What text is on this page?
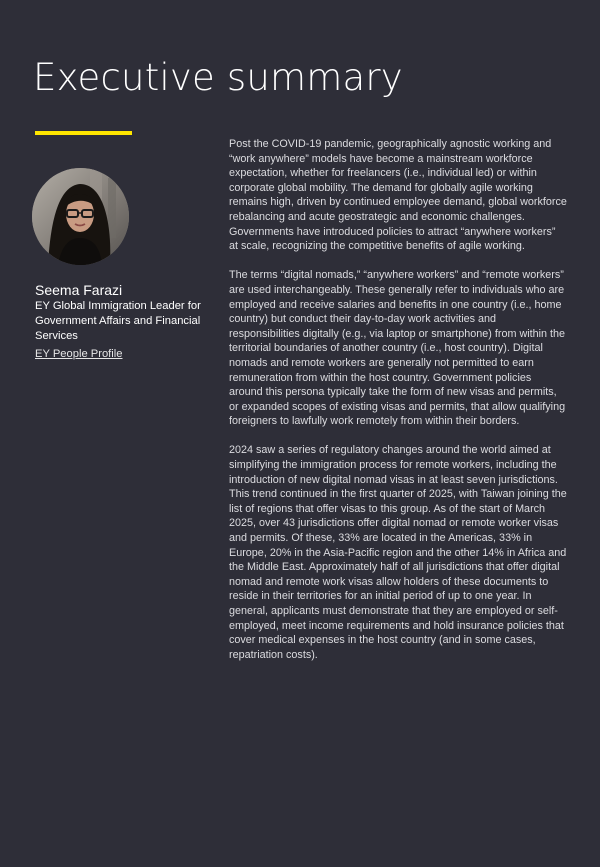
Executive summary
Seema Farazi
EY Global Immigration Leader for Government Affairs and Financial Services
EY People Profile

Post the COVID-19 pandemic, geographically agnostic working and “work anywhere” models have become a mainstream workforce expectation, whether for freelancers (i.e., individual led) or within corporate global mobility. The demand for globally agile working remains high, driven by continued employee demand, global workforce rebalancing and acute geostrategic and economic challenges. Governments have introduced policies to attract “anywhere workers” at scale, recognizing the competitive benefits of agile working.

The terms “digital nomads,” “anywhere workers” and “remote workers” are used interchangeably. These generally refer to individuals who are employed and receive salaries and benefits in one country (i.e., home country) but conduct their day-to-day work activities and responsibilities digitally (e.g., via laptop or smartphone) from within the territorial boundaries of another country (i.e., host country). Digital nomads and remote workers are generally not permitted to earn remuneration from within the host country. Government policies around this persona typically take the form of new visas and permits, or expanded scopes of existing visas and permits, that allow qualifying foreigners to lawfully work remotely from within their borders.

2024 saw a series of regulatory changes around the world aimed at simplifying the immigration process for remote workers, including the introduction of new digital nomad visas in at least seven jurisdictions. This trend continued in the first quarter of 2025, with Taiwan joining the list of regions that offer visas to this group. As of the start of March 2025, over 43 jurisdictions offer digital nomad or remote worker visas and permits. Of these, 33% are located in the Americas, 33% in Europe, 20% in the Asia-Pacific region and the other 14% in Africa and the Middle East. Approximately half of all jurisdictions that offer digital nomad and remote work visas allow holders of these documents to reside in their territories for an initial period of up to one year. In general, applicants must demonstrate that they are employed or self-employed, meet income requirements and hold insurance policies that cover medical expenses in the host country (and in some cases, repatriation costs).
